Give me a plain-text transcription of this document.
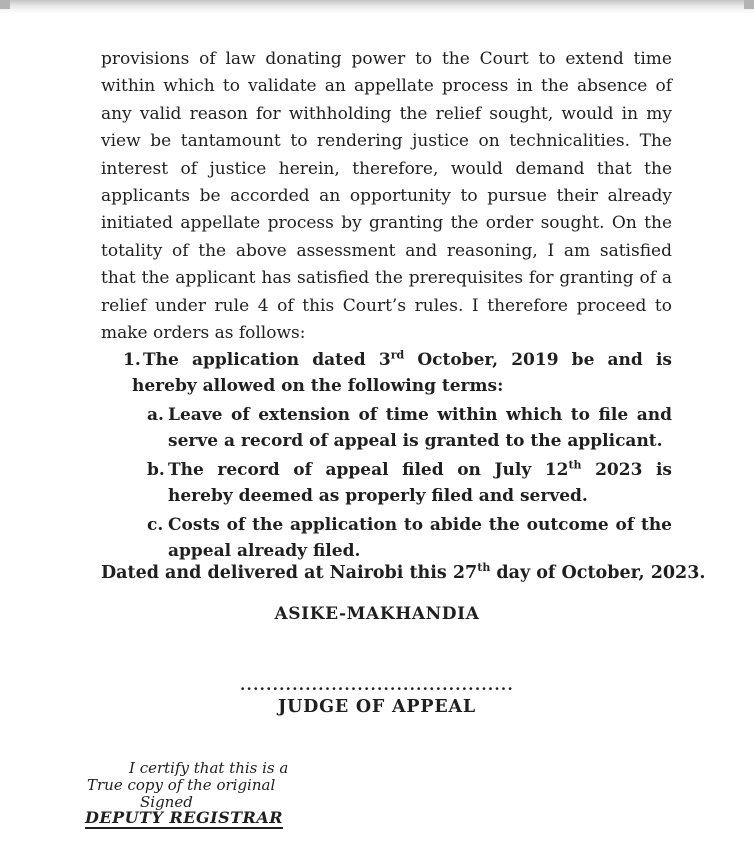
provisions of law donating power to the Court to extend time within which to validate an appellate process in the absence of any valid reason for withholding the relief sought, would in my view be tantamount to rendering justice on technicalities. The interest of justice herein, therefore, would demand that the applicants be accorded an opportunity to pursue their already initiated appellate process by granting the order sought. On the totality of the above assessment and reasoning, I am satisfied that the applicant has satisfied the prerequisites for granting of a relief under rule 4 of this Court’s rules. I therefore proceed to make orders as follows:
1. The application dated 3rd October, 2019 be and is hereby allowed on the following terms:
a. Leave of extension of time within which to file and serve a record of appeal is granted to the applicant.
b. The record of appeal filed on July 12th 2023 is hereby deemed as properly filed and served.
c. Costs of the application to abide the outcome of the appeal already filed.
Dated and delivered at Nairobi this 27th day of October, 2023.
ASIKE-MAKHANDIA
..........................................
JUDGE OF APPEAL
I certify that this is a
True copy of the original
Signed
DEPUTY REGISTRAR
